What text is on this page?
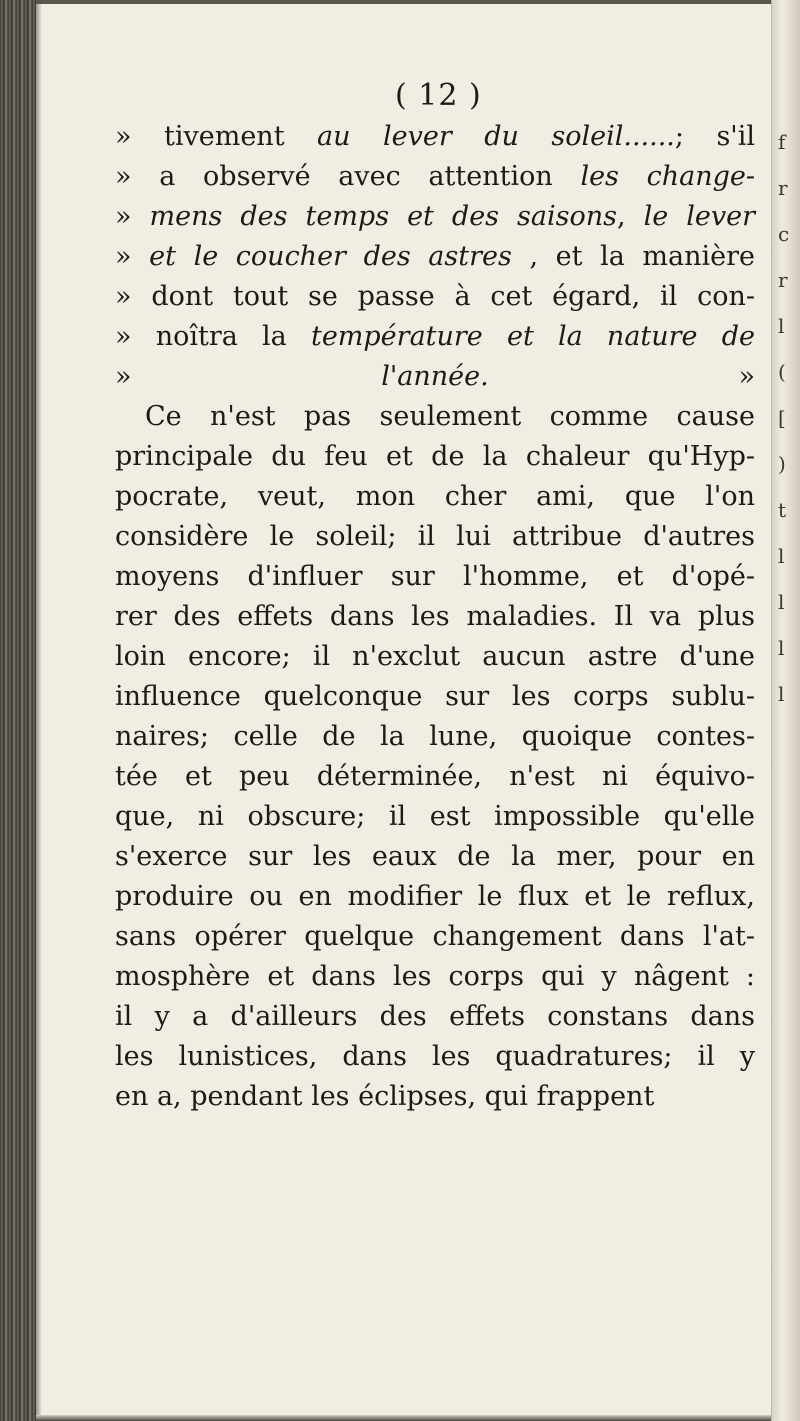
f
r
c
r
l
(
[
)
t
l
l
l
l
( 12 )
» tivement au lever du soleil......; s'il
» a observé avec attention les change-
» mens des temps et des saisons, le lever
» et le coucher des astres , et la manière
» dont tout se passe à cet égard, il con-
» noîtra la température et la nature de
» l'année. »
Ce n'est pas seulement comme cause
principale du feu et de la chaleur qu'Hyp-
pocrate, veut, mon cher ami, que l'on
considère le soleil; il lui attribue d'autres
moyens d'influer sur l'homme, et d'opé-
rer des effets dans les maladies. Il va plus
loin encore; il n'exclut aucun astre d'une
influence quelconque sur les corps sublu-
naires; celle de la lune, quoique contes-
tée et peu déterminée, n'est ni équivo-
que, ni obscure; il est impossible qu'elle
s'exerce sur les eaux de la mer, pour en
produire ou en modifier le flux et le reflux,
sans opérer quelque changement dans l'at-
mosphère et dans les corps qui y nâgent :
il y a d'ailleurs des effets constans dans
les lunistices, dans les quadratures; il y
en a, pendant les éclipses, qui frappent
